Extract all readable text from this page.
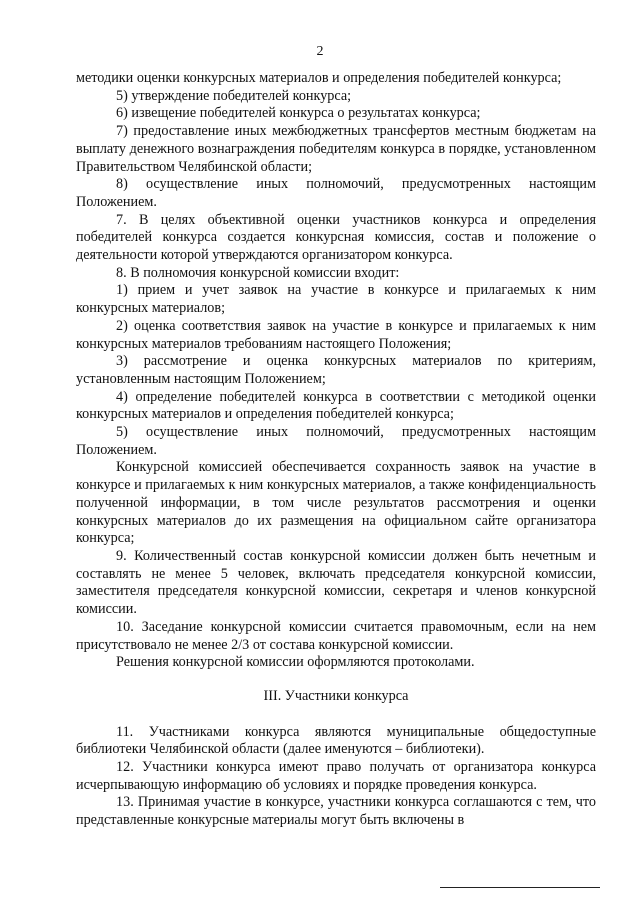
2

методики оценки конкурсных материалов и определения победителей конкурса;

5) утверждение победителей конкурса;

6) извещение победителей конкурса о результатах конкурса;

7) предоставление иных межбюджетных трансфертов местным бюджетам на выплату денежного вознаграждения победителям конкурса в порядке, установленном Правительством Челябинской области;

8) осуществление иных полномочий, предусмотренных настоящим Положением.

7. В целях объективной оценки участников конкурса и определения победителей конкурса создается конкурсная комиссия, состав и положение о деятельности которой утверждаются организатором конкурса.

8. В полномочия конкурсной комиссии входит:

1) прием и учет заявок на участие в конкурсе и прилагаемых к ним конкурсных материалов;

2) оценка соответствия заявок на участие в конкурсе и прилагаемых к ним конкурсных материалов требованиям настоящего Положения;

3) рассмотрение и оценка конкурсных материалов по критериям, установленным настоящим Положением;

4) определение победителей конкурса в соответствии с методикой оценки конкурсных материалов и определения победителей конкурса;

5) осуществление иных полномочий, предусмотренных настоящим Положением.

Конкурсной комиссией обеспечивается сохранность заявок на участие в конкурсе и прилагаемых к ним конкурсных материалов, а также конфиденциальность полученной информации, в том числе результатов рассмотрения и оценки конкурсных материалов до их размещения на официальном сайте организатора конкурса;

9. Количественный состав конкурсной комиссии должен быть нечетным и составлять не менее 5 человек, включать председателя конкурсной комиссии, заместителя председателя конкурсной комиссии, секретаря и членов конкурсной комиссии.

10. Заседание конкурсной комиссии считается правомочным, если на нем присутствовало не менее 2/3 от состава конкурсной комиссии.

Решения конкурсной комиссии оформляются протоколами.

III. Участники конкурса

11. Участниками конкурса являются муниципальные общедоступные библиотеки Челябинской области (далее именуются – библиотеки).

12. Участники конкурса имеют право получать от организатора конкурса исчерпывающую информацию об условиях и порядке проведения конкурса.

13. Принимая участие в конкурсе, участники конкурса соглашаются с тем, что представленные конкурсные материалы могут быть включены в
